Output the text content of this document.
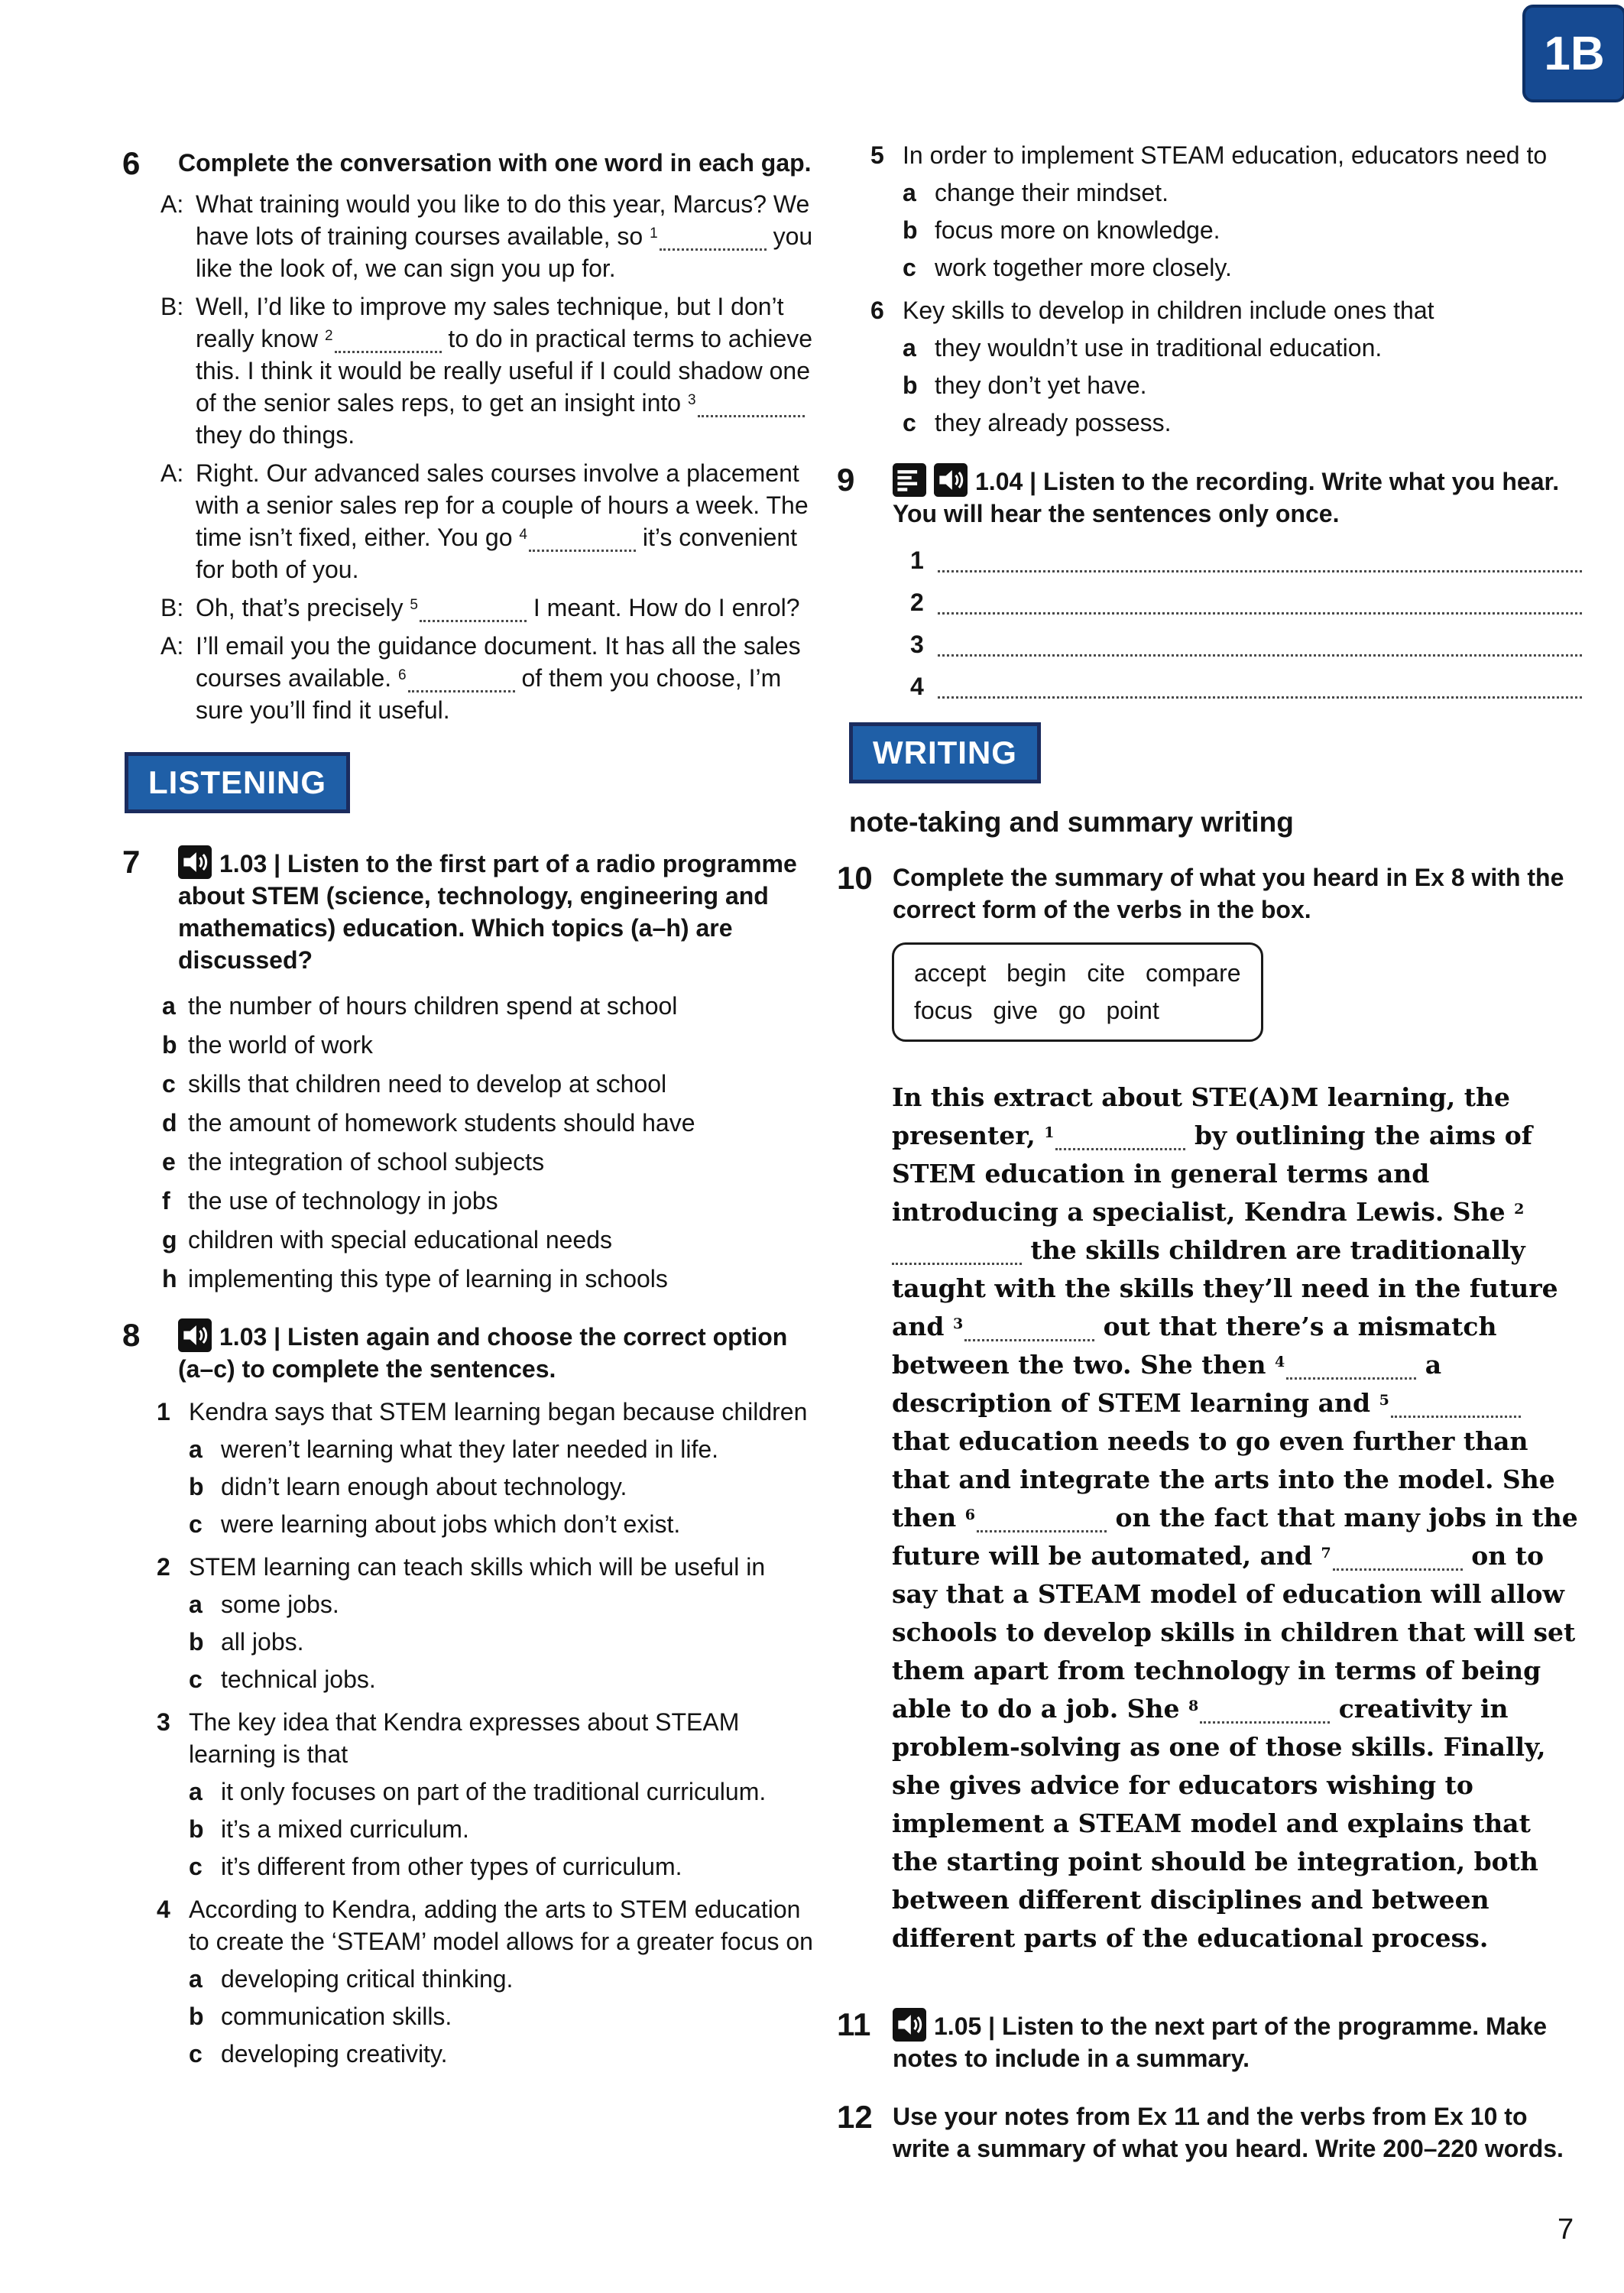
1B
6	Complete the conversation with one word in each gap.

A: What training would you like to do this year, Marcus? We have lots of training courses available, so $^1$	you like the look of, we can sign you up for.
B: Well, I’d like to improve my sales technique, but I don’t really know $^2$	to do in practical terms to achieve this. I think it would be really useful if I could shadow one of the senior sales reps, to get an insight into $^3$ they do things.
A: Right. Our advanced sales courses involve a placement with a senior sales rep for a couple of hours a week. The time isn’t fixed, either. You go $^4$	it’s convenient for both of you.
B: Oh, that’s precisely $^5$	I meant. How do I enrol?
A: I’ll email you the guidance document. It has all the sales courses available. $^6$	of them you choose, I’m sure you’ll find it useful.
LISTENING
7	1.03 | Listen to the first part of a radio programme about STEM (science, technology, engineering and mathematics) education. Which topics (a–h) are discussed?

a the number of hours children spend at school
b the world of work
c skills that children need to develop at school
d the amount of homework students should have
e the integration of school subjects
f the use of technology in jobs
g children with special educational needs
h implementing this type of learning in schools
8	1.03 | Listen again and choose the correct option (a–c) to complete the sentences.

1 Kendra says that STEM learning began because children
a weren’t learning what they later needed in life.
b didn’t learn enough about technology.
c were learning about jobs which don’t exist.
2 STEM learning can teach skills which will be useful in
a some jobs.
b all jobs.
c technical jobs.
3 The key idea that Kendra expresses about STEAM learning is that
a it only focuses on part of the traditional curriculum.
b it’s a mixed curriculum.
c it’s different from other types of curriculum.
4 According to Kendra, adding the arts to STEM education to create the ‘STEAM’ model allows for a greater focus on
a developing critical thinking.
b communication skills.
c developing creativity.
5 In order to implement STEAM education, educators need to
a change their mindset.
b focus more on knowledge.
c work together more closely.
6 Key skills to develop in children include ones that
a they wouldn’t use in traditional education.
b they don’t yet have.
c they already possess.
9	1.04 | Listen to the recording. Write what you hear. You will hear the sentences only once.

1
2
3
4
WRITING
note-taking and summary writing
10 Complete the summary of what you heard in Ex 8 with the correct form of the verbs in the box.

accept begin cite compare
focus give go point

In this extract about STE(A)M learning, the presenter, $^1$	by outlining the aims of STEM education in general terms and introducing a specialist, Kendra Lewis. She $^2$ the skills children are traditionally taught with the skills they’ll need in the future and $^3$	out that there’s a mismatch between the two. She then $^4$	a description of STEM learning and $^5$ that education needs to go even further than that and integrate the arts into the model. She then $^6$	on the fact that many jobs in the future will be automated, and $^7$	on to say that a STEAM model of education will allow schools to develop skills in children that will set them apart from technology in terms of being able to do a job. She $^8$	creativity in problem-solving as one of those skills. Finally, she gives advice for educators wishing to implement a STEAM model and explains that the starting point should be integration, both between different disciplines and between different parts of the educational process.

11	1.05 | Listen to the next part of the programme. Make notes to include in a summary.

12 Use your notes from Ex 11 and the verbs from Ex 10 to write a summary of what you heard. Write 200–220 words.

7
